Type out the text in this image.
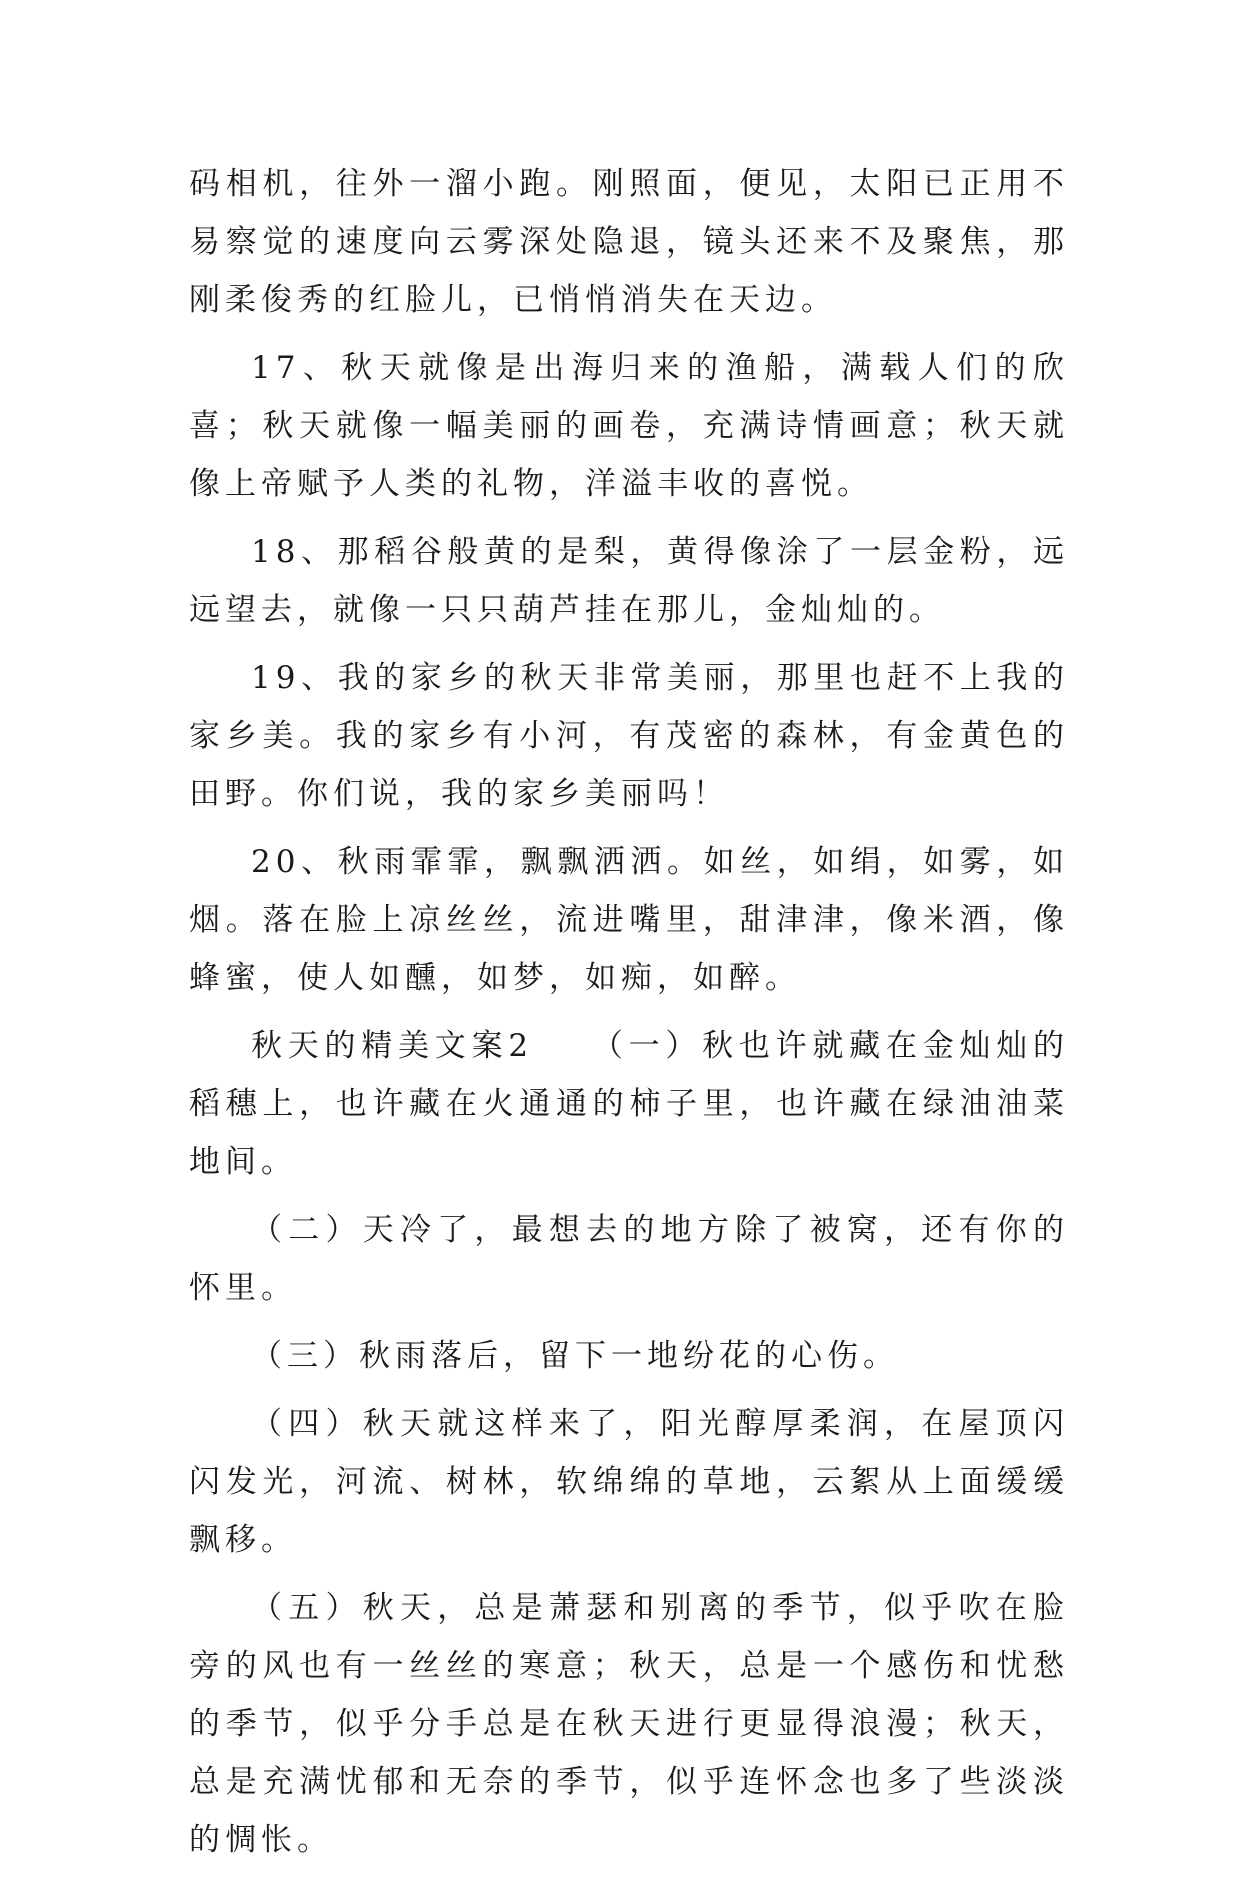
码相机，往外一溜小跑。刚照面，便见，太阳已正用不易察觉的速度向云雾深处隐退，镜头还来不及聚焦，那刚柔俊秀的红脸儿，已悄悄消失在天边。

17、秋天就像是出海归来的渔船，满载人们的欣喜；秋天就像一幅美丽的画卷，充满诗情画意；秋天就像上帝赋予人类的礼物，洋溢丰收的喜悦。

18、那稻谷般黄的是梨，黄得像涂了一层金粉，远远望去，就像一只只葫芦挂在那儿，金灿灿的。

19、我的家乡的秋天非常美丽，那里也赶不上我的家乡美。我的家乡有小河，有茂密的森林，有金黄色的田野。你们说，我的家乡美丽吗！

20、秋雨霏霏，飘飘洒洒。如丝，如绢，如雾，如烟。落在脸上凉丝丝，流进嘴里，甜津津，像米酒，像蜂蜜，使人如醺，如梦，如痴，如醉。

秋天的精美文案2　　（一）秋也许就藏在金灿灿的稻穗上，也许藏在火通通的柿子里，也许藏在绿油油菜地间。

（二）天冷了，最想去的地方除了被窝，还有你的怀里。

（三）秋雨落后，留下一地纷花的心伤。

（四）秋天就这样来了，阳光醇厚柔润，在屋顶闪闪发光，河流、树林，软绵绵的草地，云絮从上面缓缓飘移。

（五）秋天，总是萧瑟和别离的季节，似乎吹在脸旁的风也有一丝丝的寒意；秋天，总是一个感伤和忧愁的季节，似乎分手总是在秋天进行更显得浪漫；秋天，总是充满忧郁和无奈的季节，似乎连怀念也多了些淡淡的惆怅。
